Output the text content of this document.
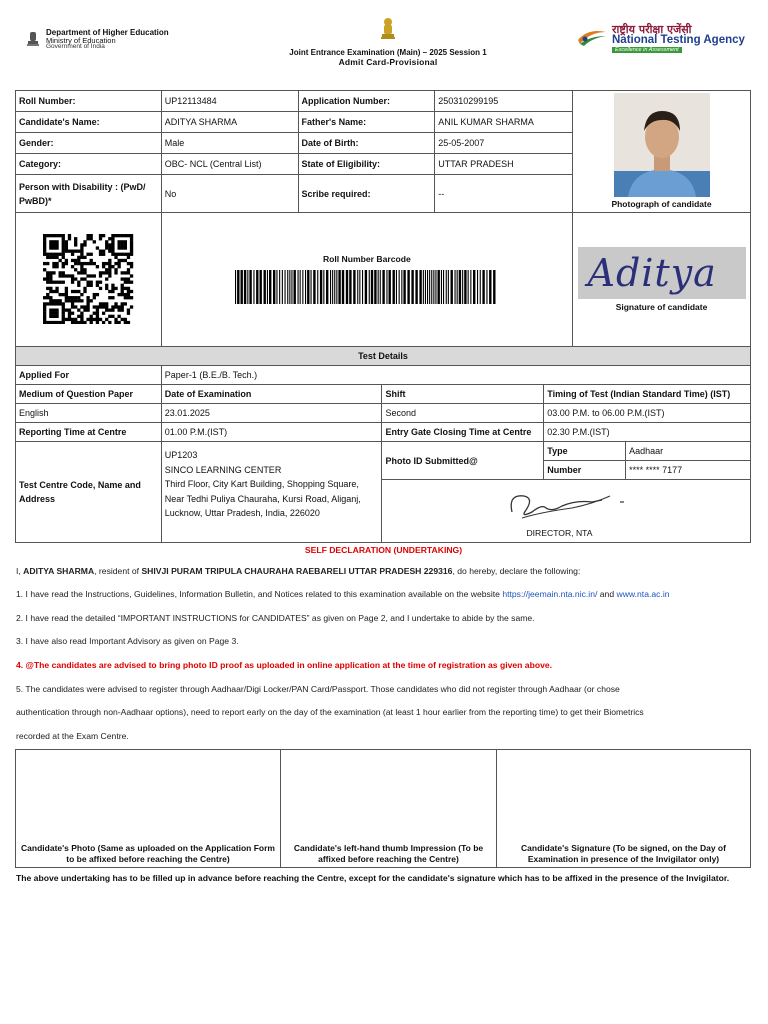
Department of Higher Education
Ministry of Education
Government of India
Joint Entrance Examination (Main) – 2025 Session 1
Admit Card-Provisional
राष्ट्रीय परीक्षा एजेंसी
National Testing Agency
Excellence in Assessment
Roll Number:	UP12113484	Application Number:	250310299195	Photograph of candidate

Candidate's Name:	ADITYA SHARMA	Father's Name:	ANIL KUMAR SHARMA	
Gender:	Male	Date of Birth:	25-05-2007	
Category:	OBC- NCL (Central List)	State of Eligibility:	UTTAR PRADESH	
Person with Disability : (PwD/ PwBD)*	No	Scribe required:	--	

Roll Number Barcode			Aditya
Signature of candidate
Test Details				
Applied For	Paper-1 (B.E./B. Tech.)			
Medium of Question Paper	Date of Examination	Shift	Timing of Test (Indian Standard Time) (IST)	
English	23.01.2025	Second	03.00 P.M. to 06.00 P.M.(IST)	
Reporting Time at Centre	01.00 P.M.(IST)	Entry Gate Closing Time at Centre	02.30 P.M.(IST)	
Test Centre Code, Name and Address	UP1203
SINCO LEARNING CENTER
Third Floor, City Kart Building, Shopping Square,
Near Tedhi Puliya Chauraha, Kursi Road, Aliganj,
Lucknow, Uttar Pradesh, India, 226020	Photo ID Submitted@	Type	Aadhaar
			Number	**** **** 7177

		DIRECTOR, NTA		
SELF DECLARATION (UNDERTAKING)
I, ADITYA SHARMA, resident of SHIVJI PURAM TRIPULA CHAURAHA RAEBARELI UTTAR PRADESH 229316, do hereby, declare the following:
1. I have read the Instructions, Guidelines, Information Bulletin, and Notices related to this examination available on the website https://jeemain.nta.nic.in/ and www.nta.ac.in
2. I have read the detailed “IMPORTANT INSTRUCTIONS for CANDIDATES” as given on Page 2, and I undertake to abide by the same.
3. I have also read Important Advisory as given on Page 3.
4. @The candidates are advised to bring photo ID proof as uploaded in online application at the time of registration as given above.
5. The candidates were advised to register through Aadhaar/Digi Locker/PAN Card/Passport. Those candidates who did not register through Aadhaar (or chose
authentication through non-Aadhaar options), need to report early on the day of the examination (at least 1 hour earlier from the reporting time) to get their Biometrics
recorded at the Exam Centre.
Candidate's Photo (Same as uploaded on the Application Form to be affixed before reaching the Centre)
Candidate's left-hand thumb Impression (To be affixed before reaching the Centre)
Candidate's Signature (To be signed, on the Day of Examination in presence of the Invigilator only)
The above undertaking has to be filled up in advance before reaching the Centre, except for the candidate's signature which has to be affixed in the presence of the Invigilator.
